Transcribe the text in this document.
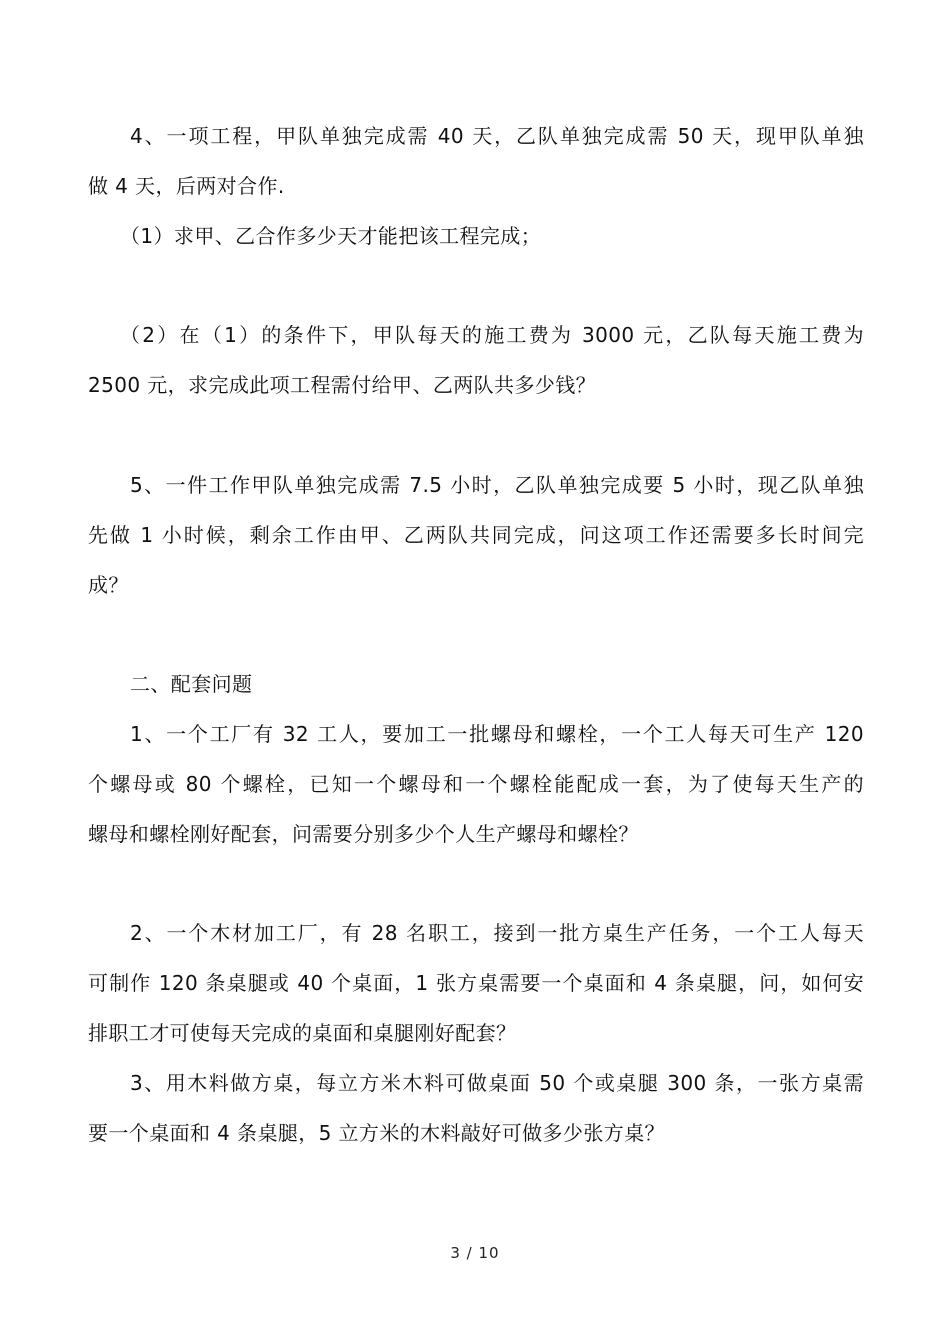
4、一项工程，甲队单独完成需 40 天，乙队单独完成需 50 天，现甲队单独
做 4 天，后两对合作.
（1）求甲、乙合作多少天才能把该工程完成；
（2）在（1）的条件下，甲队每天的施工费为 3000 元，乙队每天施工费为
2500 元，求完成此项工程需付给甲、乙两队共多少钱？
5、一件工作甲队单独完成需 7.5 小时，乙队单独完成要 5 小时，现乙队单独
先做 1 小时候，剩余工作由甲、乙两队共同完成，问这项工作还需要多长时间完
成？
二、配套问题
1、一个工厂有 32 工人，要加工一批螺母和螺栓，一个工人每天可生产 120
个螺母或 80 个螺栓，已知一个螺母和一个螺栓能配成一套，为了使每天生产的
螺母和螺栓刚好配套，问需要分别多少个人生产螺母和螺栓？
2、一个木材加工厂，有 28 名职工，接到一批方桌生产任务，一个工人每天
可制作 120 条桌腿或 40 个桌面，1 张方桌需要一个桌面和 4 条桌腿，问，如何安
排职工才可使每天完成的桌面和桌腿刚好配套？
3、用木料做方桌，每立方米木料可做桌面 50 个或桌腿 300 条，一张方桌需
要一个桌面和 4 条桌腿，5 立方米的木料敲好可做多少张方桌？
3 / 10
